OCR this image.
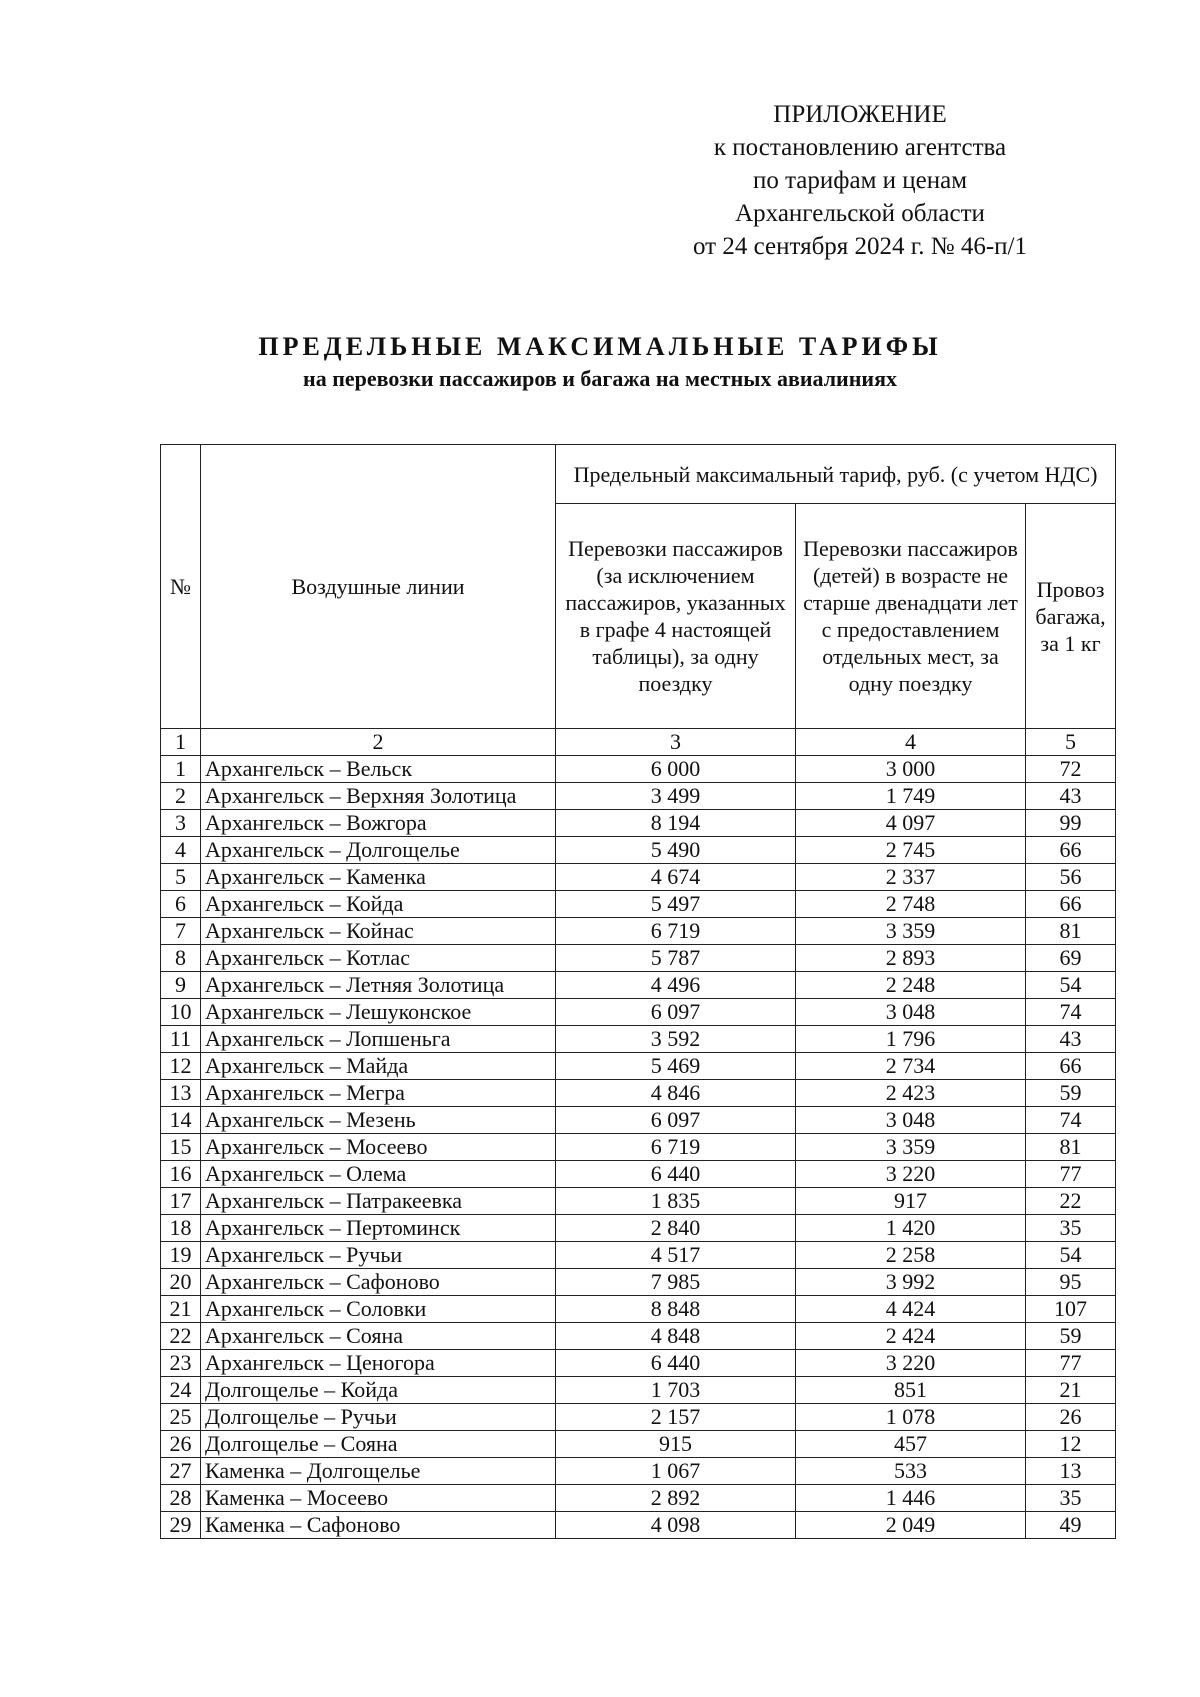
ПРИЛОЖЕНИЕ
к постановлению агентства
по тарифам и ценам
Архангельской области
от 24 сентября 2024 г. № 46-п/1
ПРЕДЕЛЬНЫЕ МАКСИМАЛЬНЫЕ ТАРИФЫ
на перевозки пассажиров и багажа на местных авиалиниях
№	Воздушные линии	Предельный максимальный тариф, руб. (с учетом НДС)		
		Перевозки пассажиров (за исключением пассажиров, указанных в графе 4 настоящей таблицы), за одну поездку	Перевозки пассажиров (детей) в возрасте не старше двенадцати лет с предоставлением отдельных мест, за одну поездку	Провоз багажа, за 1 кг
1	2	3	4	5
1	Архангельск – Вельск	6 000	3 000	72
2	Архангельск – Верхняя Золотица	3 499	1 749	43
3	Архангельск – Вожгора	8 194	4 097	99
4	Архангельск – Долгощелье	5 490	2 745	66
5	Архангельск – Каменка	4 674	2 337	56
6	Архангельск – Койда	5 497	2 748	66
7	Архангельск – Койнас	6 719	3 359	81
8	Архангельск – Котлас	5 787	2 893	69
9	Архангельск – Летняя Золотица	4 496	2 248	54
10	Архангельск – Лешуконское	6 097	3 048	74
11	Архангельск – Лопшеньга	3 592	1 796	43
12	Архангельск – Майда	5 469	2 734	66
13	Архангельск – Мегра	4 846	2 423	59
14	Архангельск – Мезень	6 097	3 048	74
15	Архангельск – Мосеево	6 719	3 359	81
16	Архангельск – Олема	6 440	3 220	77
17	Архангельск – Патракеевка	1 835	917	22
18	Архангельск – Пертоминск	2 840	1 420	35
19	Архангельск – Ручьи	4 517	2 258	54
20	Архангельск – Сафоново	7 985	3 992	95
21	Архангельск – Соловки	8 848	4 424	107
22	Архангельск – Сояна	4 848	2 424	59
23	Архангельск – Ценогора	6 440	3 220	77
24	Долгощелье – Койда	1 703	851	21
25	Долгощелье – Ручьи	2 157	1 078	26
26	Долгощелье – Сояна	915	457	12
27	Каменка – Долгощелье	1 067	533	13
28	Каменка – Мосеево	2 892	1 446	35
29	Каменка – Сафоново	4 098	2 049	49
